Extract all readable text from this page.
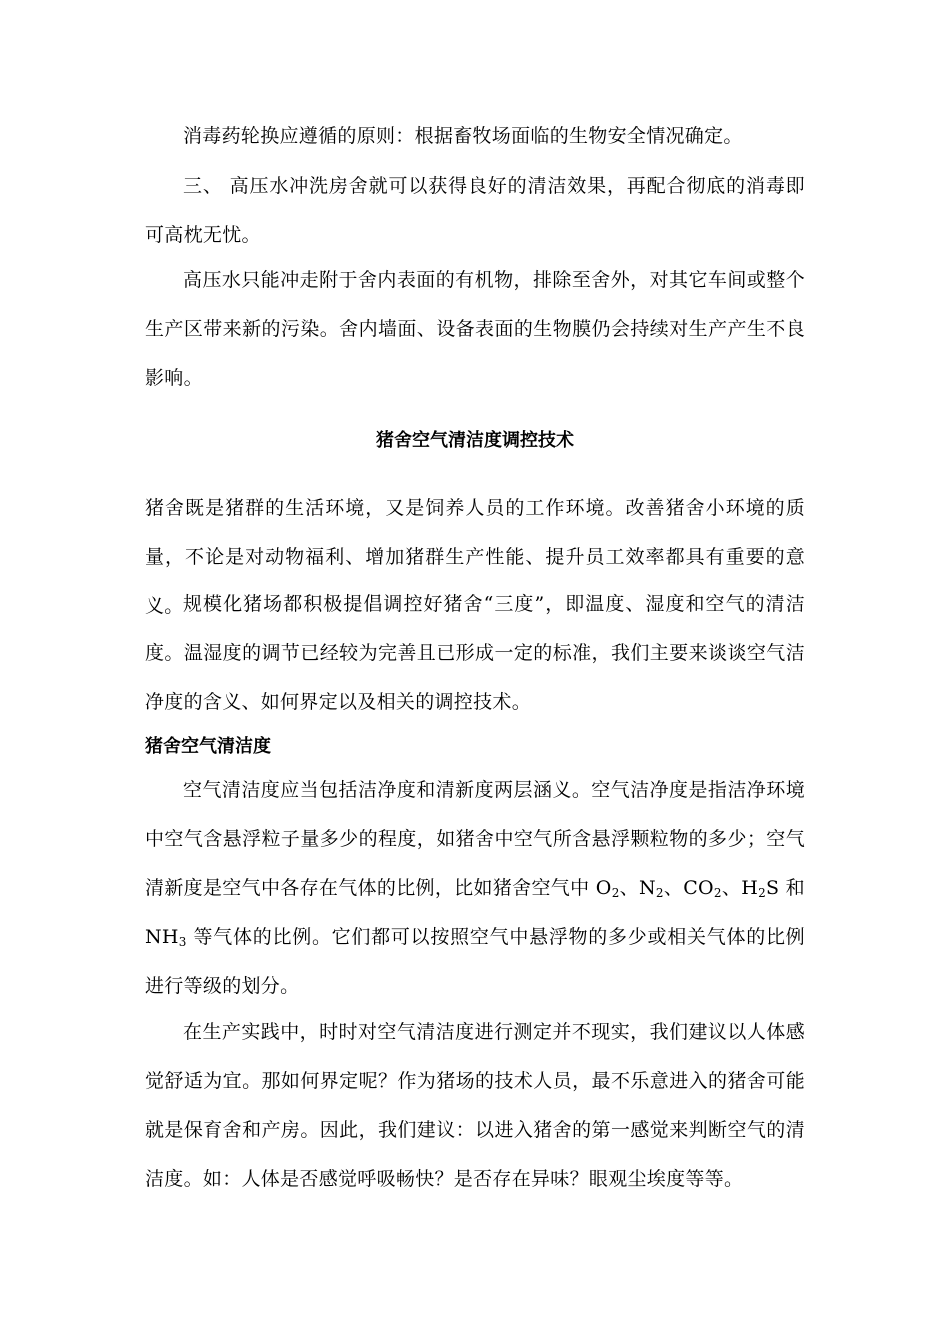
消毒药轮换应遵循的原则：根据畜牧场面临的生物安全情况确定。

三、 高压水冲洗房舍就可以获得良好的清洁效果，再配合彻底的消毒即可高枕无忧。

高压水只能冲走附于舍内表面的有机物，排除至舍外，对其它车间或整个生产区带来新的污染。舍内墙面、设备表面的生物膜仍会持续对生产产生不良影响。

猪舍空气清洁度调控技术

猪舍既是猪群的生活环境，又是饲养人员的工作环境。改善猪舍小环境的质量，不论是对动物福利、增加猪群生产性能、提升员工效率都具有重要的意义。 规模化猪场都积极提倡调控好猪舍“三度”，即温度、湿度和空气的清洁度。温湿度的调节已经较为完善且已形成一定的标准，我们主要来谈谈空气洁净度的含义、如何界定以及相关的调控技术。

猪舍空气清洁度

空气清洁度应当包括洁净度和清新度两层涵义。空气洁净度是指洁净环境中空气含悬浮粒子量多少的程度，如猪舍中空气所含悬浮颗粒物的多少；空气清新度是空气中各存在气体的比例，比如猪舍空气中 $O_2$、$N_2$、$CO_2$、$H_2S$ 和 $NH_3$ 等气体的比例。它们都可以按照空气中悬浮物的多少或相关气体的比例进行等级的划分。

在生产实践中，时时对空气清洁度进行测定并不现实，我们建议以人体感觉舒适为宜。那如何界定呢？作为猪场的技术人员，最不乐意进入的猪舍可能就是保育舍和产房。因此，我们建议：以进入猪舍的第一感觉来判断空气的清洁度。如：人体是否感觉呼吸畅快？是否存在异味？眼观尘埃度等等。
